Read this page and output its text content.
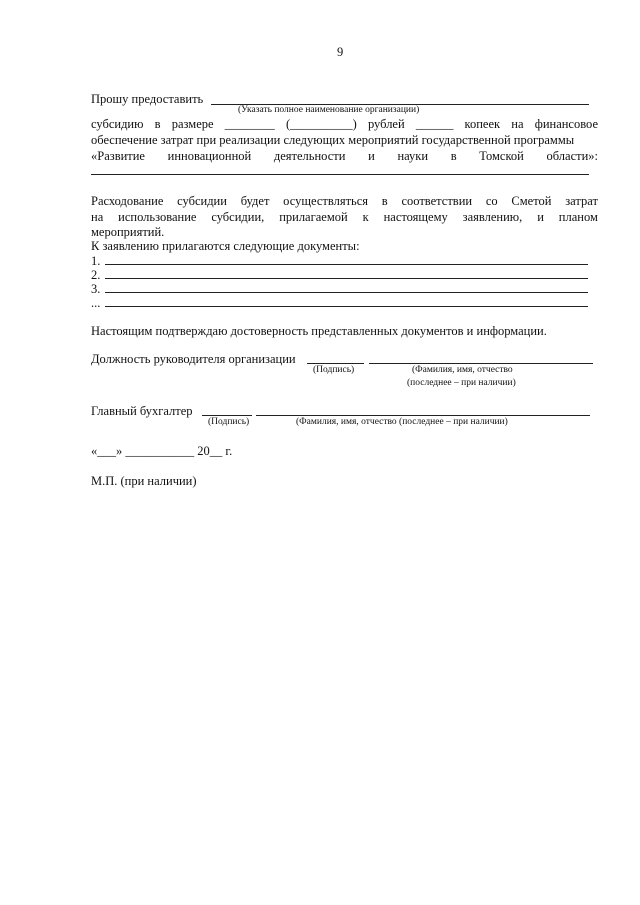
9
Прошу предоставить
(Указать полное наименование организации)
субсидию в размере ________ (__________) рублей ______ копеек на финансовое
обеспечение затрат при реализации следующих мероприятий государственной программы
«Развитие инновационной деятельности и науки в Томской области»:
Расходование субсидии будет осуществляться в соответствии со Сметой затрат
на использование субсидии, прилагаемой к настоящему заявлению, и планом
мероприятий.
К заявлению прилагаются следующие документы:
1.
2.
3.
...
Настоящим подтверждаю достоверность представленных документов и информации.
Должность руководителя организации
(Подпись)	(Фамилия, имя, отчество
(последнее – при наличии)
Главный бухгалтер
(Подпись)	(Фамилия, имя, отчество (последнее – при наличии)
«___» ___________ 20__ г.
М.П. (при наличии)
